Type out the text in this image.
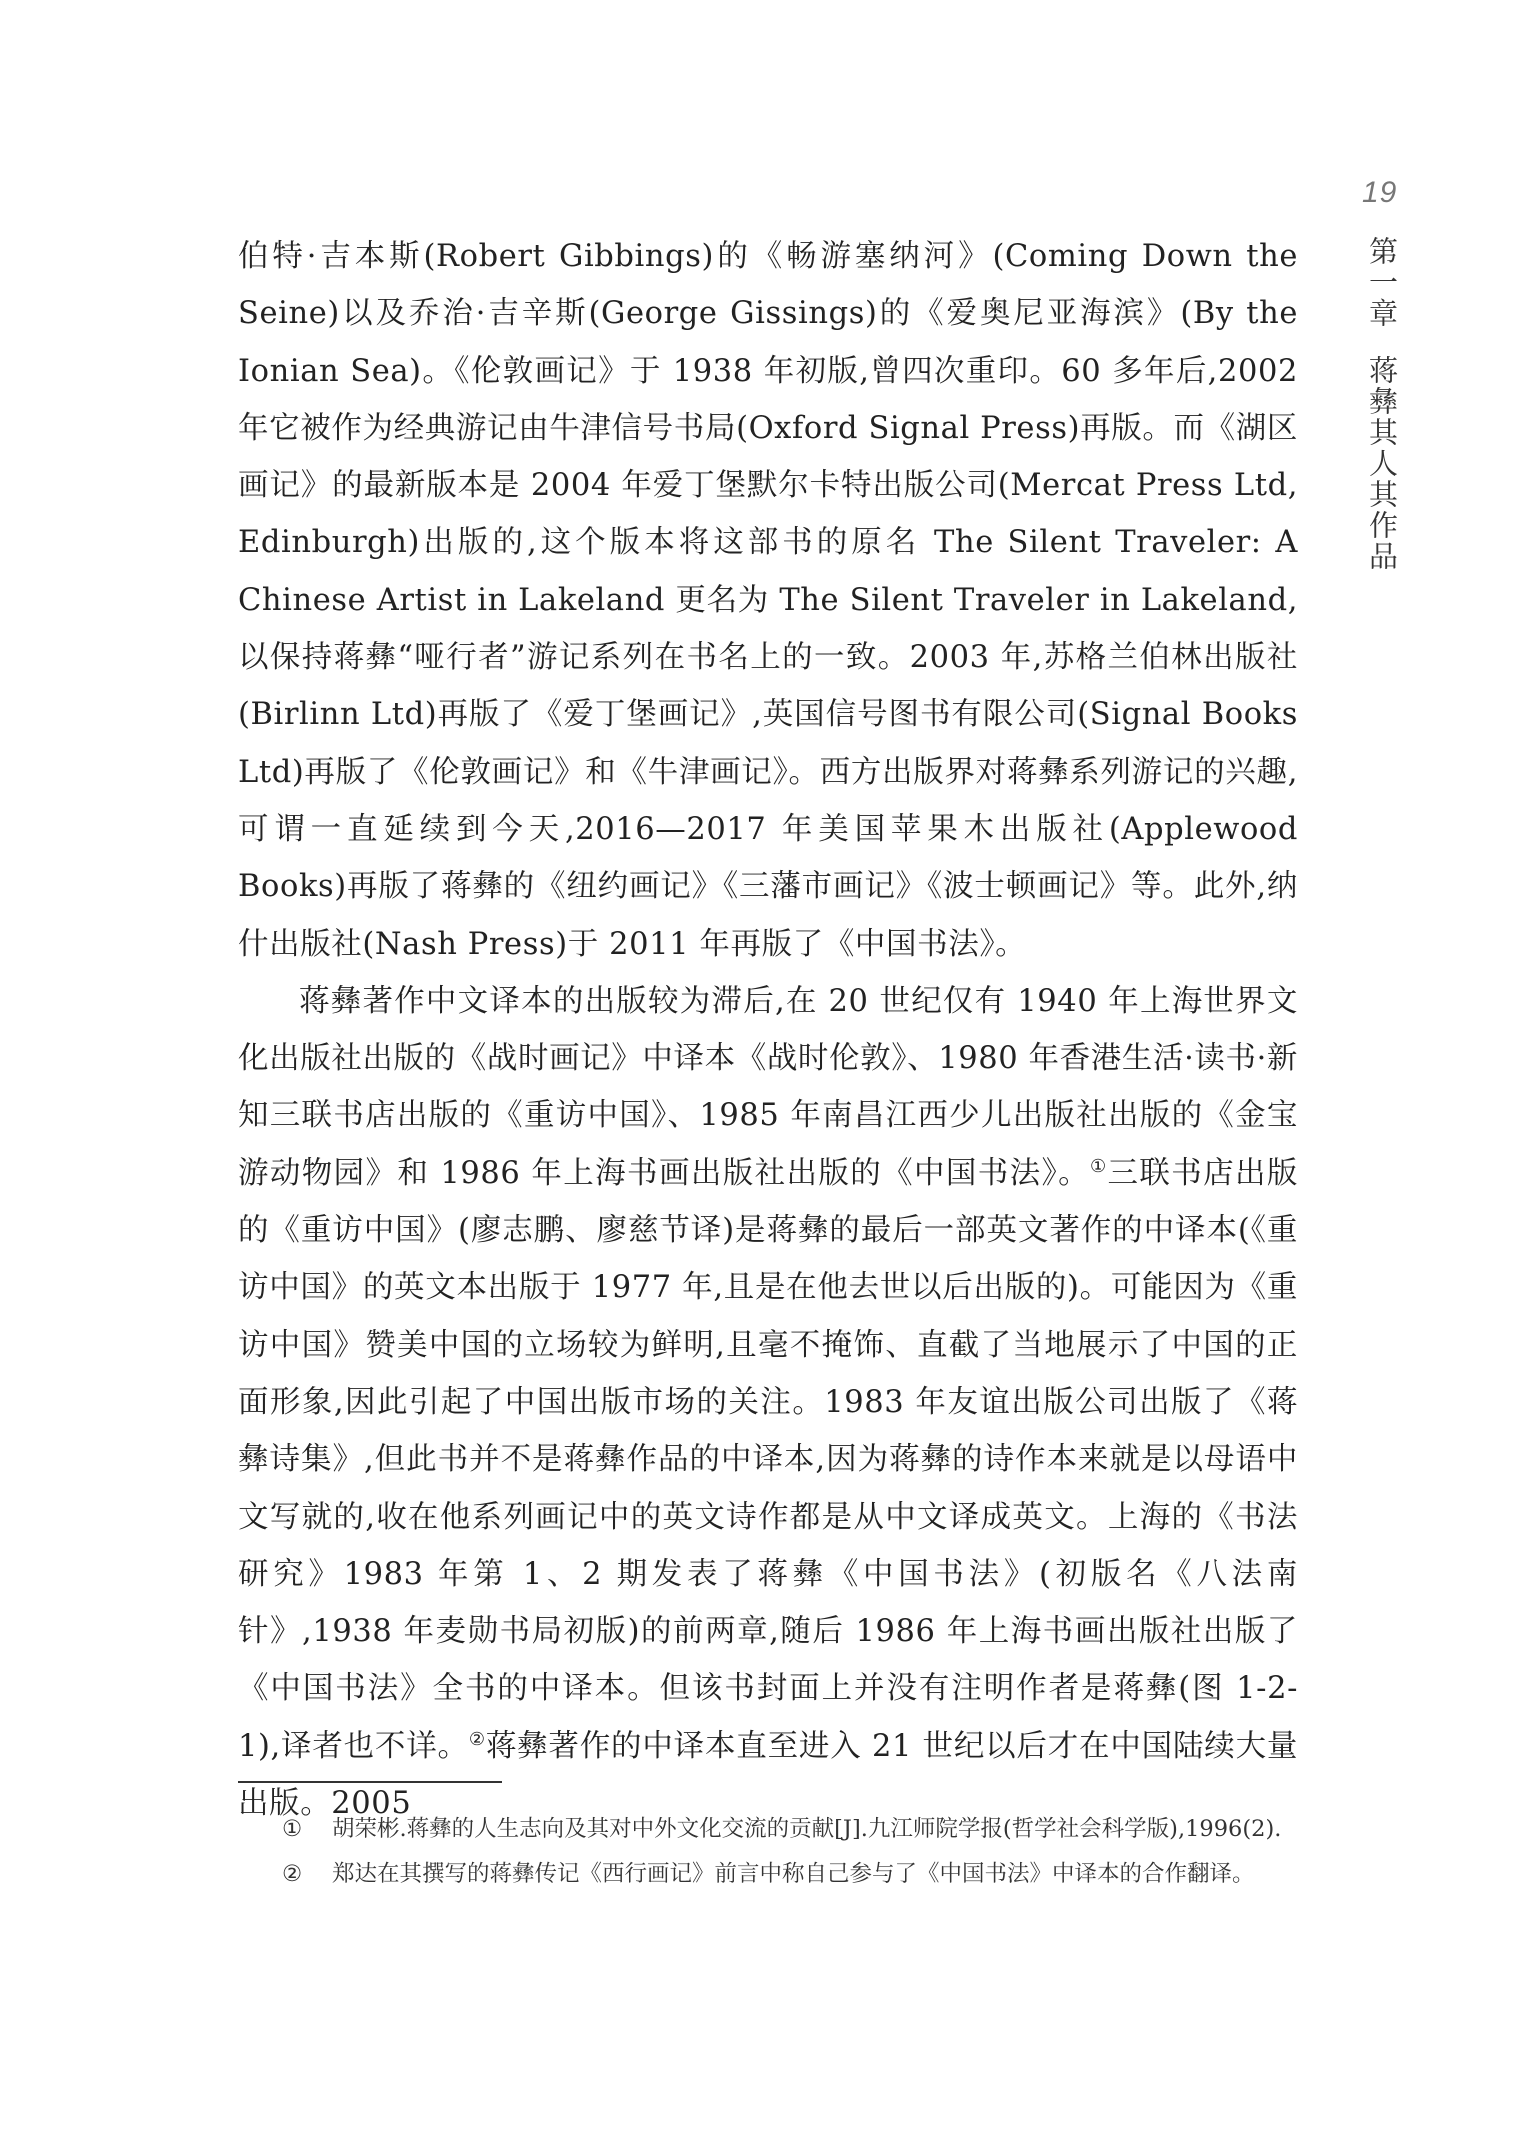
19
第一章蒋彝其人其作品

伯特·吉本斯(Robert Gibbings)的《畅游塞纳河》(Coming Down the Seine)以及乔治·吉辛斯(George Gissings)的《爱奥尼亚海滨》(By the Ionian Sea)。《伦敦画记》于 1938 年初版,曾四次重印。60 多年后,2002 年它被作为经典游记由牛津信号书局(Oxford Signal Press)再版。而《湖区画记》的最新版本是 2004 年爱丁堡默尔卡特出版公司(Mercat Press Ltd, Edinburgh)出版的,这个版本将这部书的原名 The Silent Traveler: A Chinese Artist in Lakeland 更名为 The Silent Traveler in Lakeland,以保持蒋彝“哑行者”游记系列在书名上的一致。2003 年,苏格兰伯林出版社(Birlinn Ltd)再版了《爱丁堡画记》,英国信号图书有限公司(Signal Books Ltd)再版了《伦敦画记》和《牛津画记》。西方出版界对蒋彝系列游记的兴趣,可谓一直延续到今天,2016—2017 年美国苹果木出版社(Applewood Books)再版了蒋彝的《纽约画记》《三藩市画记》《波士顿画记》等。此外,纳什出版社(Nash Press)于 2011 年再版了《中国书法》。

蒋彝著作中文译本的出版较为滞后,在 20 世纪仅有 1940 年上海世界文化出版社出版的《战时画记》中译本《战时伦敦》、1980 年香港生活·读书·新知三联书店出版的《重访中国》、1985 年南昌江西少儿出版社出版的《金宝游动物园》和 1986 年上海书画出版社出版的《中国书法》。①三联书店出版的《重访中国》(廖志鹏、廖慈节译)是蒋彝的最后一部英文著作的中译本(《重访中国》的英文本出版于 1977 年,且是在他去世以后出版的)。可能因为《重访中国》赞美中国的立场较为鲜明,且毫不掩饰、直截了当地展示了中国的正面形象,因此引起了中国出版市场的关注。1983 年友谊出版公司出版了《蒋彝诗集》,但此书并不是蒋彝作品的中译本,因为蒋彝的诗作本来就是以母语中文写就的,收在他系列画记中的英文诗作都是从中文译成英文。上海的《书法研究》1983 年第 1、2 期发表了蒋彝《中国书法》(初版名《八法南针》,1938 年麦勋书局初版)的前两章,随后 1986 年上海书画出版社出版了《中国书法》全书的中译本。但该书封面上并没有注明作者是蒋彝(图 1-2-1),译者也不详。②蒋彝著作的中译本直至进入 21 世纪以后才在中国陆续大量出版。2005

① 胡荣彬.蒋彝的人生志向及其对中外文化交流的贡献[J].九江师院学报(哲学社会科学版),1996(2).

② 郑达在其撰写的蒋彝传记《西行画记》前言中称自己参与了《中国书法》中译本的合作翻译。
